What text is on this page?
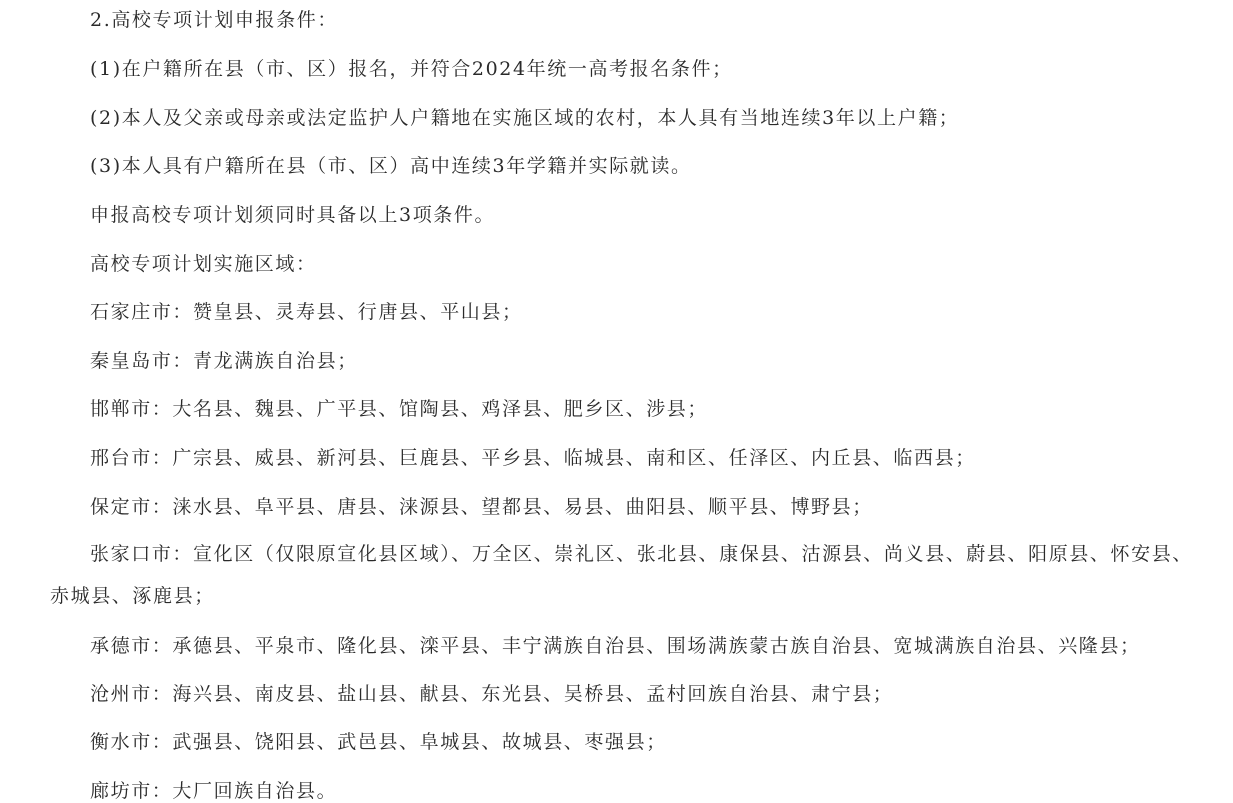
2.高校专项计划申报条件：
(1)在户籍所在县（市、区）报名，并符合2024年统一高考报名条件；
(2)本人及父亲或母亲或法定监护人户籍地在实施区域的农村，本人具有当地连续3年以上户籍；
(3)本人具有户籍所在县（市、区）高中连续3年学籍并实际就读。
申报高校专项计划须同时具备以上3项条件。
高校专项计划实施区域：
石家庄市：赞皇县、灵寿县、行唐县、平山县；
秦皇岛市：青龙满族自治县；
邯郸市：大名县、魏县、广平县、馆陶县、鸡泽县、肥乡区、涉县；
邢台市：广宗县、威县、新河县、巨鹿县、平乡县、临城县、南和区、任泽区、内丘县、临西县；
保定市：涞水县、阜平县、唐县、涞源县、望都县、易县、曲阳县、顺平县、博野县；
张家口市：宣化区（仅限原宣化县区域）、万全区、崇礼区、张北县、康保县、沽源县、尚义县、蔚县、阳原县、怀安县、赤城县、涿鹿县；
承德市：承德县、平泉市、隆化县、滦平县、丰宁满族自治县、围场满族蒙古族自治县、宽城满族自治县、兴隆县；
沧州市：海兴县、南皮县、盐山县、献县、东光县、吴桥县、孟村回族自治县、肃宁县；
衡水市：武强县、饶阳县、武邑县、阜城县、故城县、枣强县；
廊坊市：大厂回族自治县。
